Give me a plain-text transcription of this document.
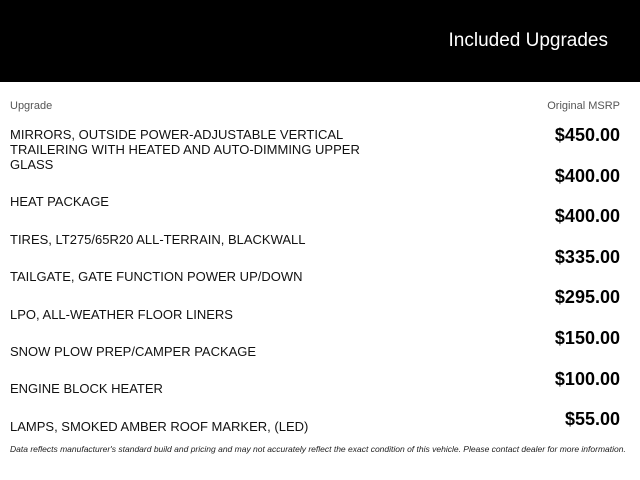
Included Upgrades
Upgrade	Original MSRP
MIRRORS, OUTSIDE POWER-ADJUSTABLE VERTICAL TRAILERING WITH HEATED AND AUTO-DIMMING UPPER GLASS
HEAT PACKAGE
TIRES, LT275/65R20 ALL-TERRAIN, BLACKWALL
TAILGATE, GATE FUNCTION POWER UP/DOWN
LPO, ALL-WEATHER FLOOR LINERS
SNOW PLOW PREP/CAMPER PACKAGE
ENGINE BLOCK HEATER
LAMPS, SMOKED AMBER ROOF MARKER, (LED)
$450.00
$400.00
$400.00
$335.00
$295.00
$150.00
$100.00
$55.00
Data reflects manufacturer's standard build and pricing and may not accurately reflect the exact condition of this vehicle. Please contact dealer for more information.
